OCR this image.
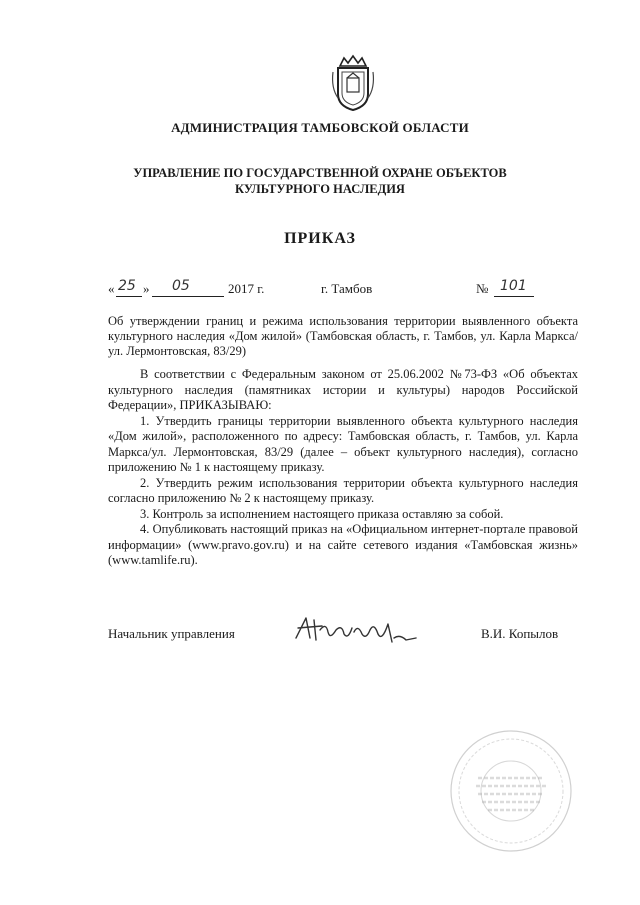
АДМИНИСТРАЦИЯ ТАМБОВСКОЙ ОБЛАСТИ
УПРАВЛЕНИЕ ПО ГОСУДАРСТВЕННОЙ ОХРАНЕ ОБЪЕКТОВ
КУЛЬТУРНОГО НАСЛЕДИЯ
ПРИКАЗ
« 25 » 05	2017 г.	г. Тамбов	№ 101
Об утверждении границ и режима использования территории выявленного объекта культурного наследия «Дом жилой» (Тамбовская область, г. Тамбов, ул. Карла Маркса/ул. Лермонтовская, 83/29)

В соответствии с Федеральным законом от 25.06.2002 №73-ФЗ «Об объектах культурного наследия (памятниках истории и культуры) народов Российской Федерации», ПРИКАЗЫВАЮ:

1. Утвердить границы территории выявленного объекта культурного наследия «Дом жилой», расположенного по адресу: Тамбовская область, г. Тамбов, ул. Карла Маркса/ул. Лермонтовская, 83/29 (далее – объект культурного наследия), согласно приложению № 1 к настоящему приказу.

2. Утвердить режим использования территории объекта культурного наследия согласно приложению № 2 к настоящему приказу.

3. Контроль за исполнением настоящего приказа оставляю за собой.

4. Опубликовать настоящий приказ на «Официальном интернет-портале правовой информации» (www.pravo.gov.ru) и на сайте сетевого издания «Тамбовская жизнь» (www.tamlife.ru).

Начальник управления	В.И. Копылов
